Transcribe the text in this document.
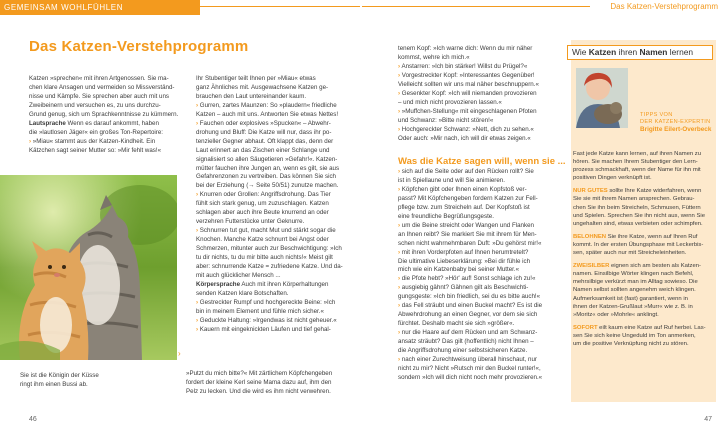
GEMEINSAM WOHLFÜHLEN	Das Katzen-Verstehprogramm
Das Katzen-Verstehprogramm

Katzen »sprechen« mit ihren Artgenossen. Sie ma-

chen klare Ansagen und vermeiden so Missverständ-

nisse und Kämpfe. Sie sprechen aber auch mit uns

Zweibeinern und versuchen es, zu uns durchzu-

Grund genug, sich um Sprachkenntnisse zu kümmern.

Lautsprache Wenn es darauf ankommt, haben

die »lautlosen Jäger« ein großes Ton-Repertoire:

› »Miau« stammt aus der Katzen-Kindheit. Ein

Kätzchen sagt seiner Mutter so: »Mir fehlt was!«

›

Sie ist die Königin der Küsse

ringt ihm einen Bussi ab.

Ihr Stubentiger teilt Ihnen per »Miau« etwas

ganz Ähnliches mit. Ausgewachsene Katzen ge-

brauchen den Laut untereinander kaum.

› Gurren, zartes Maunzen: So »plaudern« friedliche

Katzen – auch mit uns. Antworten Sie etwas Nettes!

› Fauchen oder explosives »Spucken« – Abwehr-

drohung und Bluff: Die Katze will nur, dass ihr po-

tenzieller Gegner abhaut. Oft klappt das, denn der

Laut erinnert an das Zischen einer Schlange und

signalisiert so allen Säugetieren »Gefahr!«. Katzen-

mütter fauchen ihre Jungen an, wenn es gilt, sie aus

Gefahrenzonen zu vertreiben. Das können Sie sich

bei der Erziehung (→ Seite 50/51) zunutze machen.

› Knurren oder Grollen: Angriffsdrohung. Das Tier

fühlt sich stark genug, um zuzuschlagen. Katzen

schlagen aber auch ihre Beute knurrend an oder

verzehren Futterstücke unter Geknurre.

› Schnurren tut gut, macht Mut und stärkt sogar die

Knochen. Manche Katze schnurrt bei Angst oder

Schmerzen, mitunter auch zur Beschwichtigung: »Ich

tu dir nichts, tu du mir bitte auch nichts!« Meist gilt

aber: schnurrende Katze = zufriedene Katze. Und da-

mit auch glücklicher Mensch ...

Körpersprache Auch mit ihren Körperhaltungen

senden Katzen klare Botschaften.

› Gestreckter Rumpf und hochgereckte Beine: »Ich

bin in meinem Element und fühle mich sicher.«

› Geduckte Haltung: »Irgendwas ist nicht geheuer.«

› Kauern mit eingeknickten Läufen und tief gehal-

»Putzt du mich bitte?« Mit zärtlichem Köpfchengeben

fordert der kleine Kerl seine Mama dazu auf, ihm den

Pelz zu lecken. Und die wird es ihm nicht verwehren.

tenem Kopf: »Ich warne dich: Wenn du mir näher

kommst, wehre ich mich.«

› Anstarren: »Ich bin stärker! Willst du Prügel?«

› Vorgestreckter Kopf: »Interessantes Gegenüber!

Vielleicht sollten wir uns mal näher beschnuppern.«

› Gesenkter Kopf: »Ich will niemanden provozieren

– und mich nicht provozieren lassen.«

› »Muffchen-Stellung« mit eingeschlagenen Pfoten

und Schwanz: »Bitte nicht stören!«

› Hochgereckter Schwanz: »Nett, dich zu sehen.«

Oder auch: »Mir nach, ich will dir etwas zeigen.«

Was die Katze sagen will, wenn sie ...

› sich auf die Seite oder auf den Rücken rollt? Sie

ist in Spiellaune und will Sie animieren.

› Köpfchen gibt oder Ihnen einen Kopfstoß ver-

passt? Mit Köpfchengeben fordern Katzen zur Fell-

pflege bzw. zum Streicheln auf. Der Kopfstoß ist

eine freundliche Begrüßungsgeste.

› um die Beine streicht oder Wangen und Flanken

an Ihnen reibt? Sie markiert Sie mit ihrem für Men-

schen nicht wahrnehmbaren Duft: »Du gehörst mir!«

› mit ihren Vorderpfoten auf Ihnen herumtretelt?

Die ultimative Liebeserklärung: »Bei dir fühle ich

mich wie ein Katzenbaby bei seiner Mutter.«

› die Pfote hebt? »Hör' auf! Sonst schlage ich zu!«

› ausgiebig gähnt? Gähnen gilt als Beschwichti-

gungsgeste: »Ich bin friedlich, sei du es bitte auch!«

› das Fell sträubt und einen Buckel macht? Es ist die

Abwehrdrohung an einen Gegner, vor dem sie sich

fürchtet. Deshalb macht sie sich »größer«.

› nur die Haare auf dem Rücken und am Schwanz-

ansatz sträubt? Das gilt (hoffentlich) nicht Ihnen –

die Angriffsdrohung einer selbstsicheren Katze.

› nach einer Zurechtweisung überall hinschaut, nur

nicht zu mir? Nicht »Rutsch mir den Buckel runter!«,

sondern »Ich will dich nicht noch mehr provozieren.«

Wie Katzen ihren Namen lernen
TIPPS VON
DER KATZEN-EXPERTIN
Brigitte Eilert-Overbeck

Fast jede Katze kann lernen, auf ihren Namen zu

hören. Sie machen Ihrem Stubentiger den Lern-

prozess schmackhaft, wenn der Name für ihn mit

positiven Dingen verknüpft ist.

NUR GUTES sollte Ihre Katze widerfahren, wenn

Sie sie mit ihrem Namen ansprechen. Gebrau-

chen Sie ihn beim Streicheln, Schmusen, Füttern

und Spielen. Sprechen Sie ihn nicht aus, wenn Sie

ungehalten sind, etwas verbieten oder schimpfen.

BELOHNEN Sie ihre Katze, wenn auf Ihren Ruf

kommt. In der ersten Übungsphase mit Leckerbis-

sen, später auch nur mit Streicheleinheiten.

ZWEISILBER eignen sich am besten als Katzen-

namen. Einsilbige Wörter klingen nach Befehl,

mehrsilbige verkürzt man im Alltag sowieso. Die

Namen selbst sollten angenehm weich klingen.

Aufmerksamkeit ist (fast) garantiert, wenn in

ihnen der Katzen-Grußlaut »Murr« wie z. B. in

»Moritz« oder »Mohrle« anklingt.

SOFORT eilt kaum eine Katze auf Ruf herbei. Las-

sen Sie sich keine Ungeduld im Ton anmerken,

um die positive Verknüpfung nicht zu stören.

46	47
